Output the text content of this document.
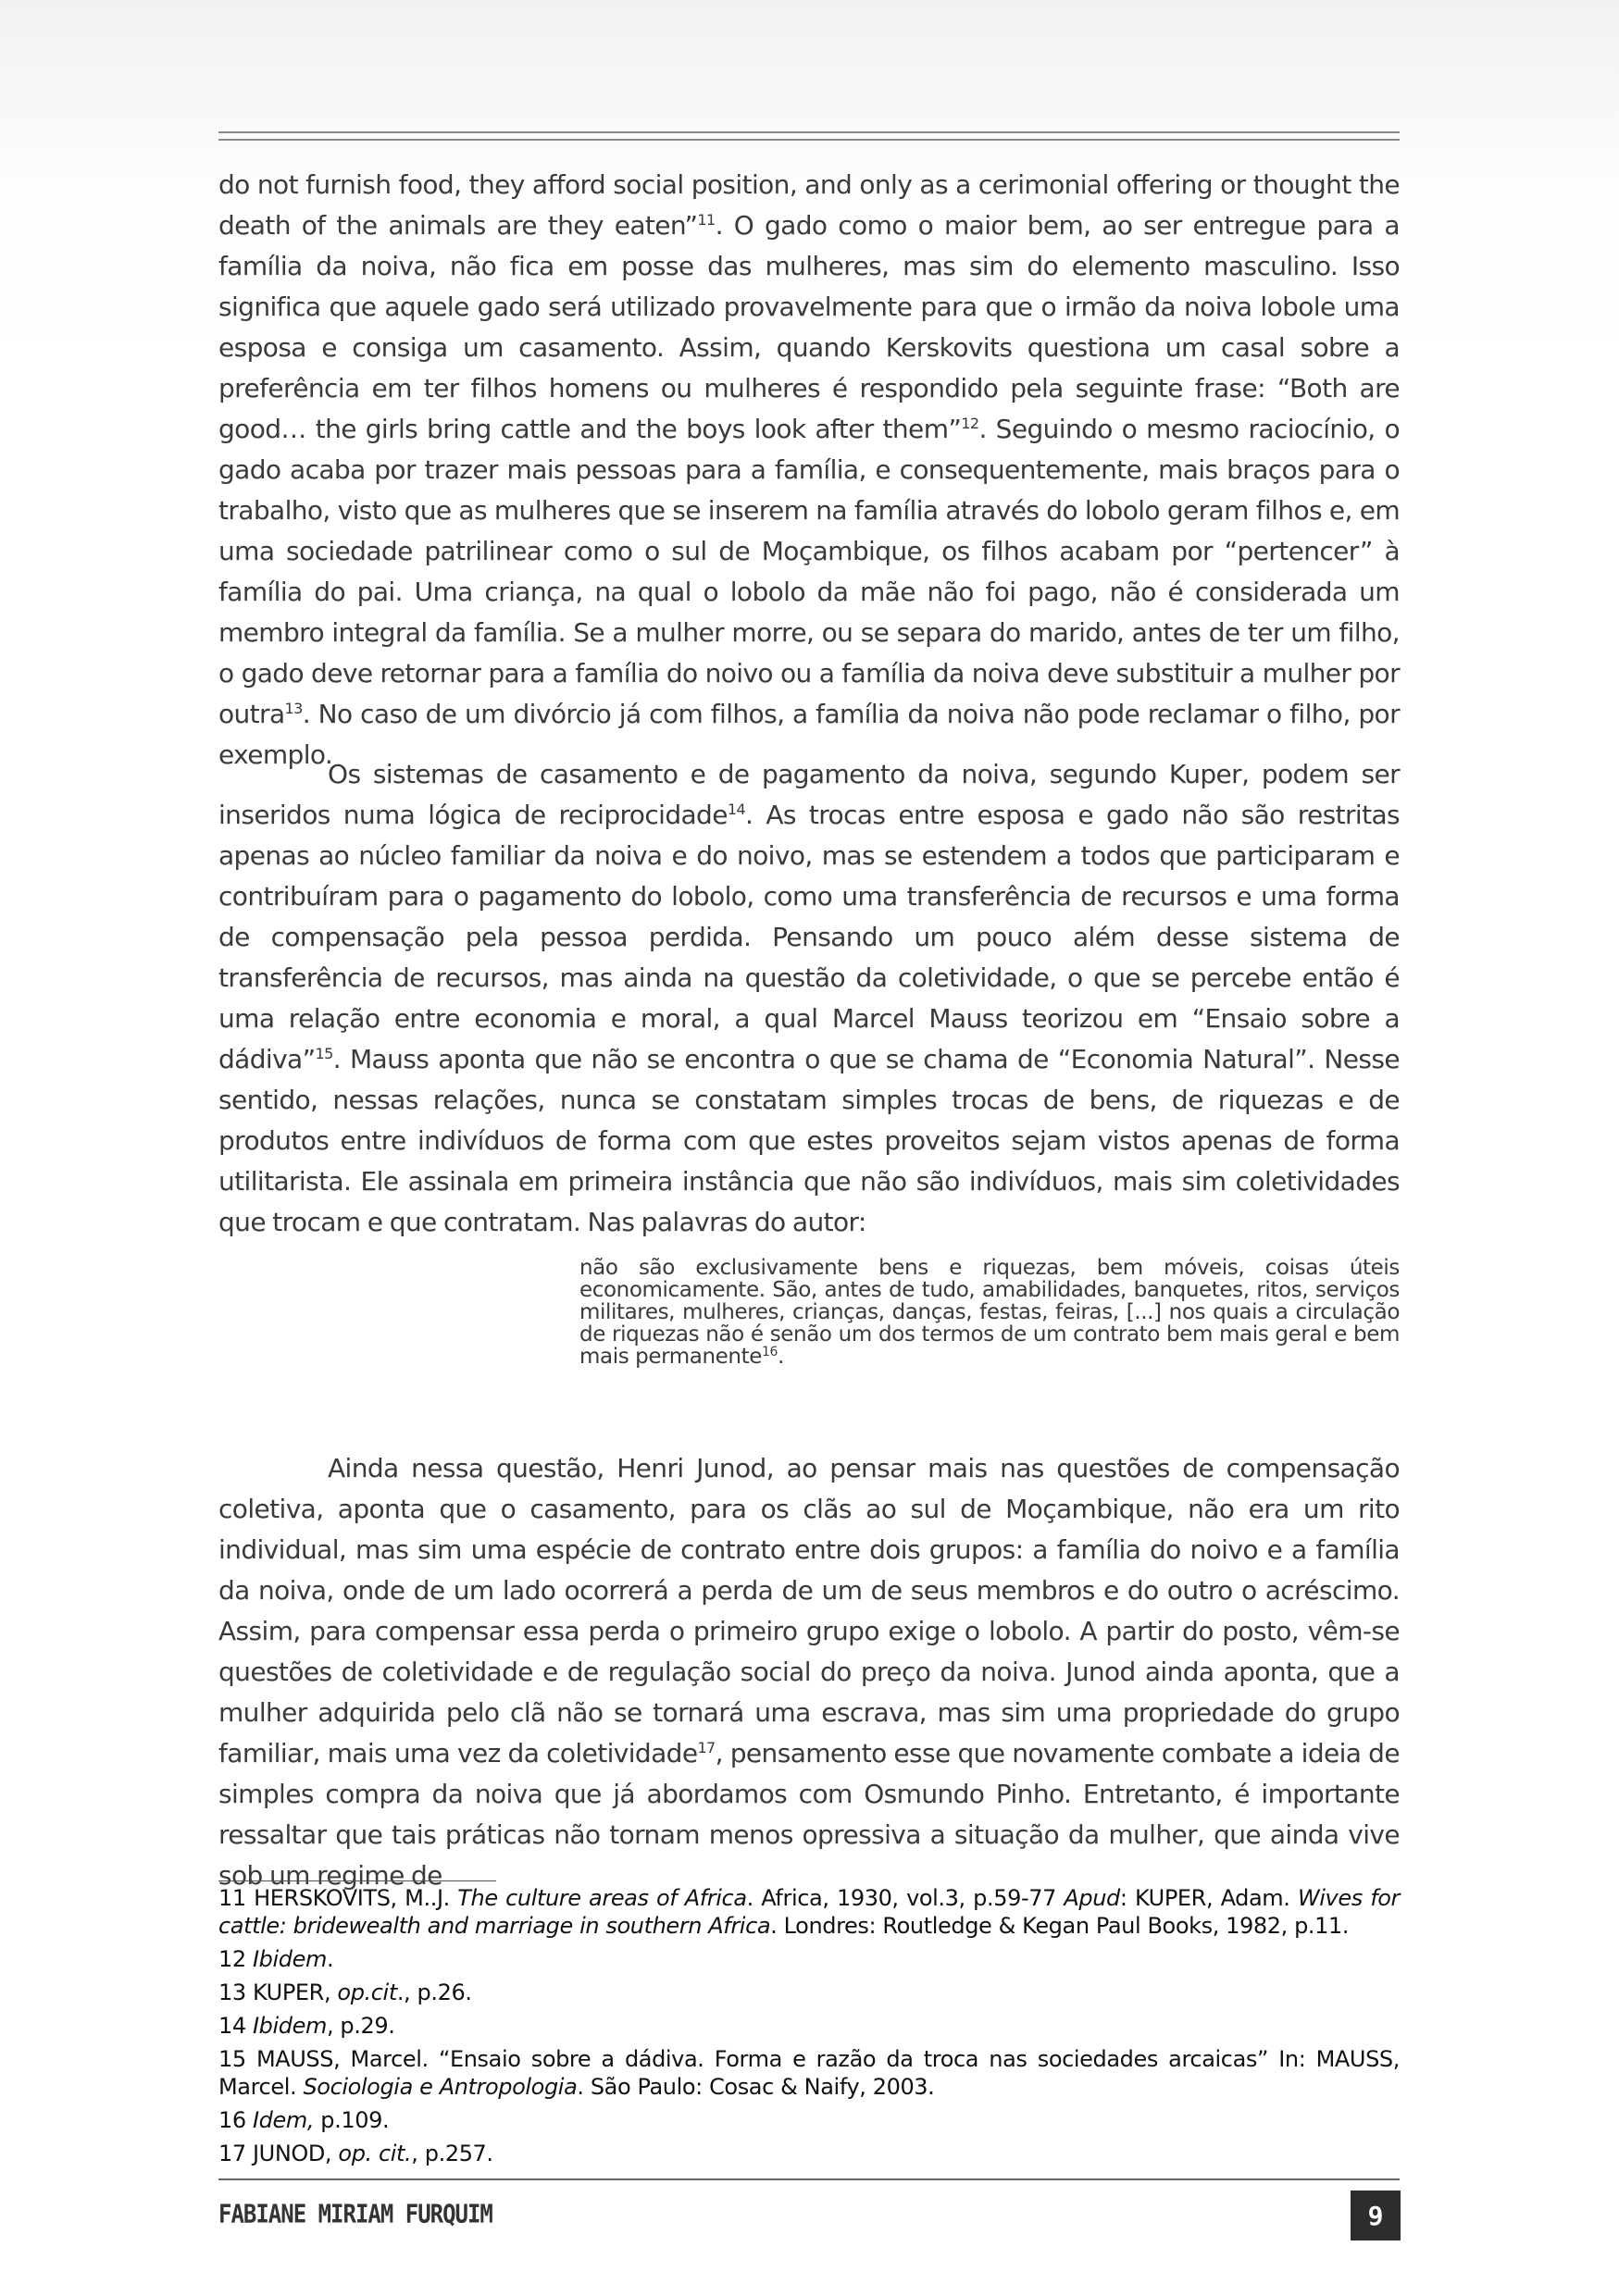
do not furnish food, they afford social position, and only as a cerimonial offering or thought the death of the animals are they eaten”$^{11}$. O gado como o maior bem, ao ser entregue para a família da noiva, não fica em posse das mulheres, mas sim do elemento masculino. Isso significa que aquele gado será utilizado provavelmente para que o irmão da noiva lobole uma esposa e consiga um casamento. Assim, quando Kerskovits questiona um casal sobre a preferência em ter filhos homens ou mulheres é respondido pela seguinte frase: “Both are good… the girls bring cattle and the boys look after them”$^{12}$. Seguindo o mesmo raciocínio, o gado acaba por trazer mais pessoas para a família, e consequentemente, mais braços para o trabalho, visto que as mulheres que se inserem na família através do lobolo geram filhos e, em uma sociedade patrilinear como o sul de Moçambique, os filhos acabam por “pertencer” à família do pai. Uma criança, na qual o lobolo da mãe não foi pago, não é considerada um membro integral da família. Se a mulher morre, ou se separa do marido, antes de ter um filho, o gado deve retornar para a família do noivo ou a família da noiva deve substituir a mulher por outra$^{13}$. No caso de um divórcio já com filhos, a família da noiva não pode reclamar o filho, por exemplo.
Os sistemas de casamento e de pagamento da noiva, segundo Kuper, podem ser inseridos numa lógica de reciprocidade$^{14}$. As trocas entre esposa e gado não são restritas apenas ao núcleo familiar da noiva e do noivo, mas se estendem a todos que participaram e contribuíram para o pagamento do lobolo, como uma transferência de recursos e uma forma de compensação pela pessoa perdida. Pensando um pouco além desse sistema de transferência de recursos, mas ainda na questão da coletividade, o que se percebe então é uma relação entre economia e moral, a qual Marcel Mauss teorizou em “Ensaio sobre a dádiva”$^{15}$. Mauss aponta que não se encontra o que se chama de “Economia Natural”. Nesse sentido, nessas relações, nunca se constatam simples trocas de bens, de riquezas e de produtos entre indivíduos de forma com que estes proveitos sejam vistos apenas de forma utilitarista. Ele assinala em primeira instância que não são indivíduos, mais sim coletividades que trocam e que contratam. Nas palavras do autor:
não são exclusivamente bens e riquezas, bem móveis, coisas úteis economicamente. São, antes de tudo, amabilidades, banquetes, ritos, serviços militares, mulheres, crianças, danças, festas, feiras, [...] nos quais a circulação de riquezas não é senão um dos termos de um contrato bem mais geral e bem mais permanente$^{16}$.
Ainda nessa questão, Henri Junod, ao pensar mais nas questões de compensação coletiva, aponta que o casamento, para os clãs ao sul de Moçambique, não era um rito individual, mas sim uma espécie de contrato entre dois grupos: a família do noivo e a família da noiva, onde de um lado ocorrerá a perda de um de seus membros e do outro o acréscimo. Assim, para compensar essa perda o primeiro grupo exige o lobolo. A partir do posto, vêm-se questões de coletividade e de regulação social do preço da noiva. Junod ainda aponta, que a mulher adquirida pelo clã não se tornará uma escrava, mas sim uma propriedade do grupo familiar, mais uma vez da coletividade$^{17}$, pensamento esse que novamente combate a ideia de simples compra da noiva que já abordamos com Osmundo Pinho. Entretanto, é importante ressaltar que tais práticas não tornam menos opressiva a situação da mulher, que ainda vive sob um regime de

11 HERSKOVITS, M..J. The culture areas of Africa. Africa, 1930, vol.3, p.59-77 Apud: KUPER, Adam. Wives for cattle: bridewealth and marriage in southern Africa. Londres: Routledge & Kegan Paul Books, 1982, p.11.

12 Ibidem.

13 KUPER, op.cit., p.26.

14 Ibidem, p.29.

15 MAUSS, Marcel. “Ensaio sobre a dádiva. Forma e razão da troca nas sociedades arcaicas” In: MAUSS, Marcel. Sociologia e Antropologia. São Paulo: Cosac & Naify, 2003.

16 Idem, p.109.

17 JUNOD, op. cit., p.257.

FABIANE MIRIAM FURQUIM	9
